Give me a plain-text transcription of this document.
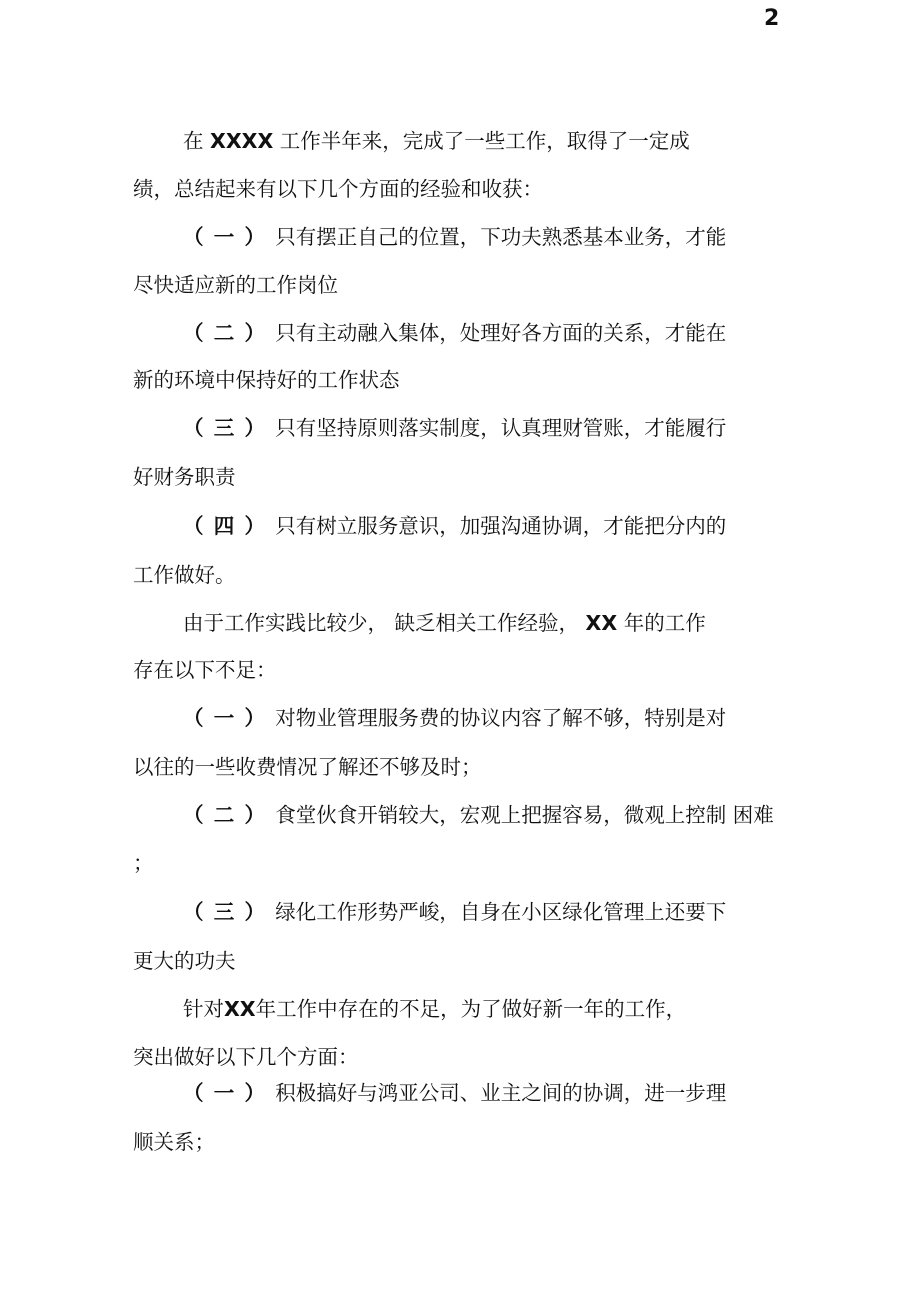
2
在 XXXX 工作半年来，完成了一些工作，取得了一定成
绩，总结起来有以下几个方面的经验和收获：
（一）只有摆正自己的位置，下功夫熟悉基本业务，才能
尽快适应新的工作岗位
（二）只有主动融入集体，处理好各方面的关系，才能在
新的环境中保持好的工作状态
（三）只有坚持原则落实制度，认真理财管账，才能履行
好财务职责
（四）只有树立服务意识，加强沟通协调，才能把分内的
工作做好。
由于工作实践比较少， 缺乏相关工作经验， XX 年的工作
存在以下不足：
（一）对物业管理服务费的协议内容了解不够，特别是对
以往的一些收费情况了解还不够及时；
（二）食堂伙食开销较大，宏观上把握容易，微观上控制 困难
；
（三）绿化工作形势严峻，自身在小区绿化管理上还要下
更大的功夫
针对XX年工作中存在的不足，为了做好新一年的工作，
突出做好以下几个方面：
（一）积极搞好与鸿亚公司、业主之间的协调，进一步理
顺关系；
